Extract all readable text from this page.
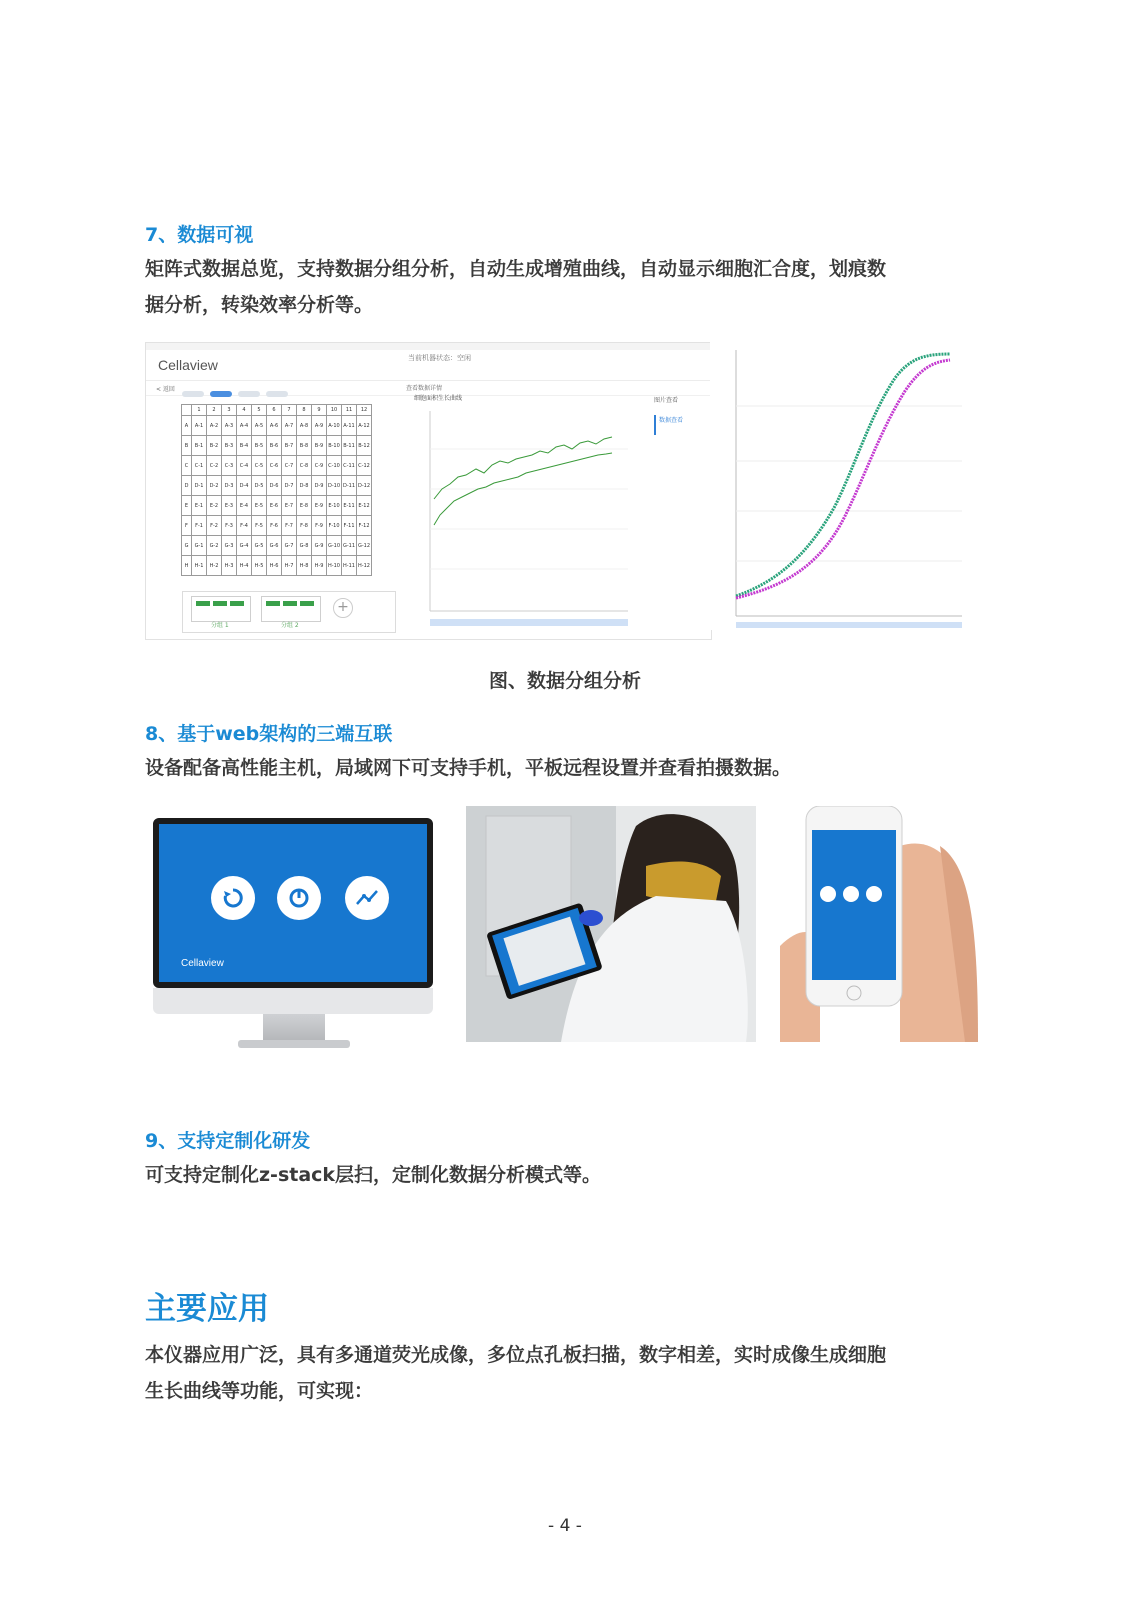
7、数据可视
矩阵式数据总览，支持数据分组分析，自动生成增殖曲线，自动显示细胞汇合度，划痕数
据分析，转染效率分析等。
Cellaview	当前机器状态：空闲
< 返回	查看数据详情
	1	2	3	4	5	6	7	8	9	10	11	12
A	A-1	A-2	A-3	A-4	A-5	A-6	A-7	A-8	A-9	A-10	A-11	A-12
B	B-1	B-2	B-3	B-4	B-5	B-6	B-7	B-8	B-9	B-10	B-11	B-12
C	C-1	C-2	C-3	C-4	C-5	C-6	C-7	C-8	C-9	C-10	C-11	C-12
D	D-1	D-2	D-3	D-4	D-5	D-6	D-7	D-8	D-9	D-10	D-11	D-12
E	E-1	E-2	E-3	E-4	E-5	E-6	E-7	E-8	E-9	E-10	E-11	E-12
F	F-1	F-2	F-3	F-4	F-5	F-6	F-7	F-8	F-9	F-10	F-11	F-12
G	G-1	G-2	G-3	G-4	G-5	G-6	G-7	G-8	G-9	G-10	G-11	G-12
H	H-1	H-2	H-3	H-4	H-5	H-6	H-7	H-8	H-9	H-10	H-11	H-12
分组 1	分组 2
+
细胞面积生长曲线	图片查看
数据查看
图、数据分组分析
8、基于web架构的三端互联
设备配备高性能主机，局域网下可支持手机，平板远程设置并查看拍摄数据。
Cellaview
9、支持定制化研发
可支持定制化z-stack层扫，定制化数据分析模式等。
主要应用
本仪器应用广泛，具有多通道荧光成像，多位点孔板扫描，数字相差，实时成像生成细胞
生长曲线等功能，可实现：
- 4 -
